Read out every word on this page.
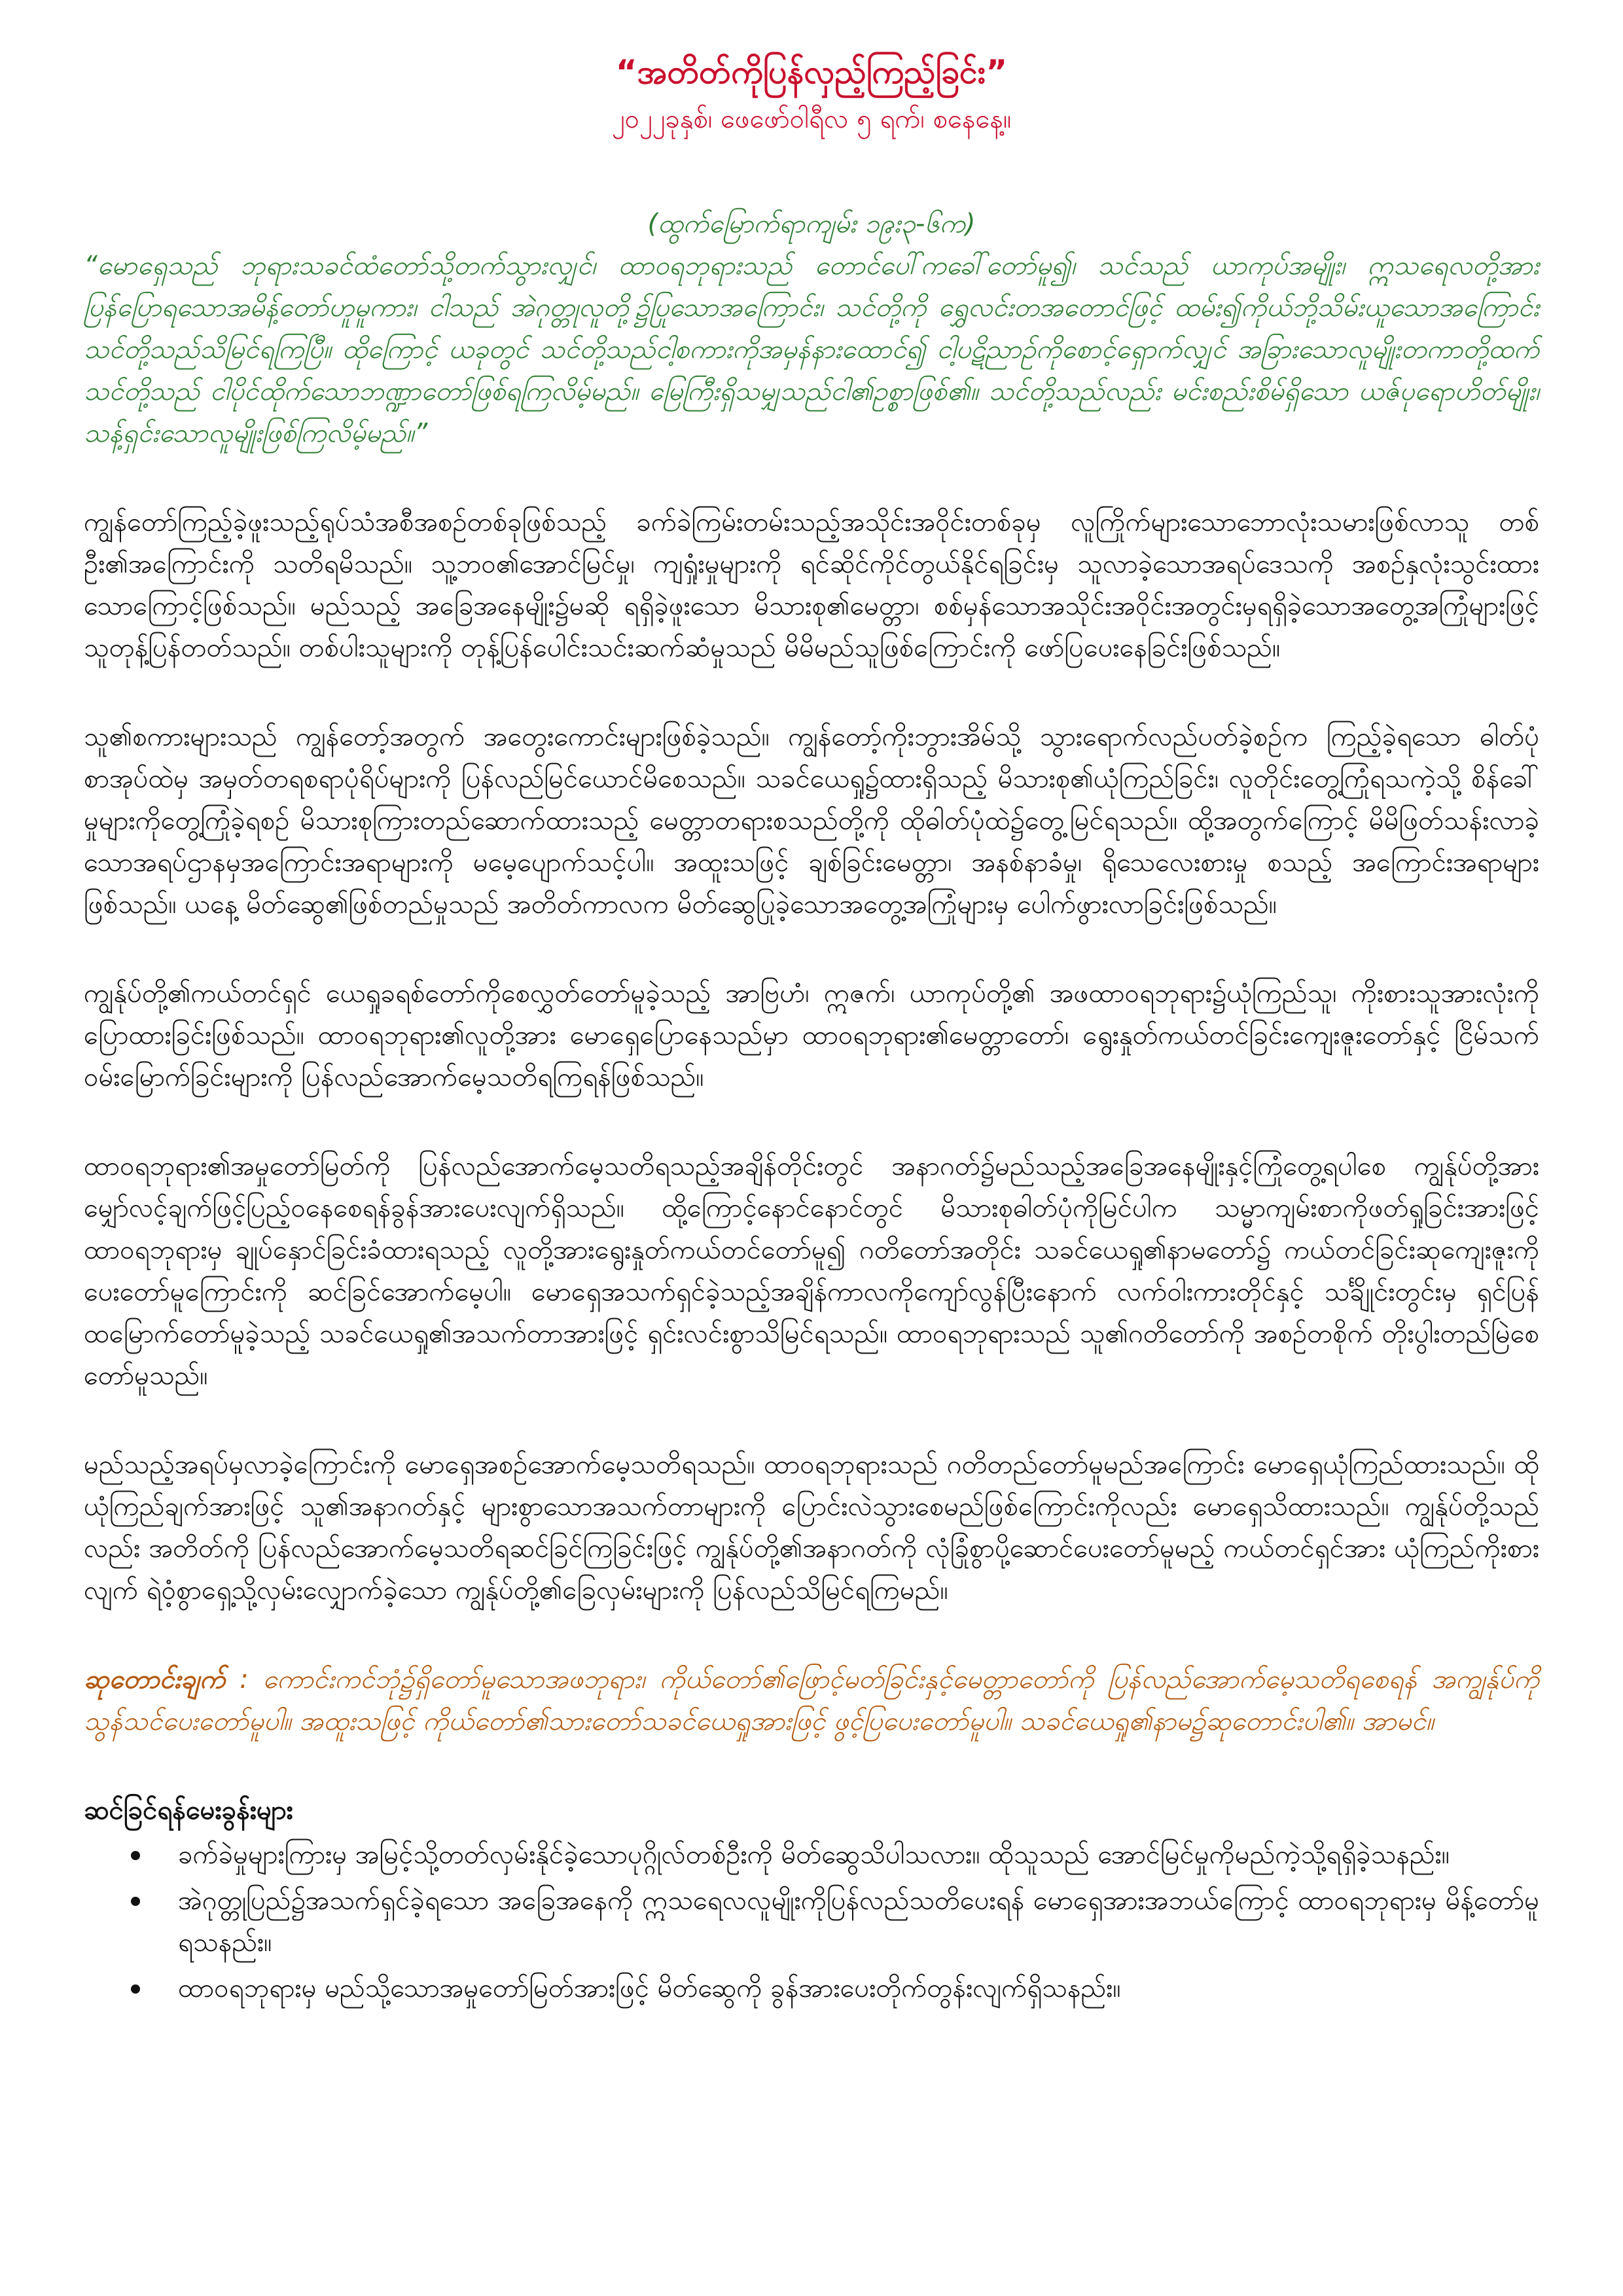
“အတိတ်ကိုပြန်လှည့်ကြည့်ခြင်း”

၂၀၂၂ခုနှစ်၊ ဖေဖော်ဝါရီလ ၅ ရက်၊ စနေနေ့။

(ထွက်မြောက်ရာကျမ်း ၁၉း၃-၆က)

“မောရှေသည် ဘုရားသခင်ထံတော်သို့တက်သွားလျှင်၊ ထာဝရဘုရားသည် တောင်ပေါ်ကခေါ်တော်မူ၍၊ သင်သည် ယာကုပ်အမျိုး၊ ဣသရေလတို့အား ပြန်ပြောရသောအမိန့်တော်ဟူမူကား၊ ငါသည် အဲဂုတ္တုလူတို့၌ပြုသောအကြောင်း၊ သင်တို့ကို ရွှေလင်းတအတောင်ဖြင့် ထမ်း၍ကိုယ်ဘို့သိမ်းယူသောအကြောင်း သင်တို့သည်သိမြင်ရကြပြီ။ ထိုကြောင့် ယခုတွင် သင်တို့သည်ငါ့စကားကိုအမှန်နားထောင်၍ ငါ့ပဋိညာဉ်ကိုစောင့်ရှောက်လျှင် အခြားသောလူမျိုးတကာတို့ထက် သင်တို့သည် ငါပိုင်ထိုက်သောဘဏ္ဍာတော်ဖြစ်ရကြလိမ့်မည်။ မြေကြီးရှိသမျှသည်ငါ၏ဥစ္စာဖြစ်၏။ သင်တို့သည်လည်း မင်းစည်းစိမ်ရှိသော ယဇ်ပုရောဟိတ်မျိုး၊ သန့်ရှင်းသောလူမျိုးဖြစ်ကြလိမ့်မည်။”

ကျွန်တော်ကြည့်ခဲ့ဖူးသည့်ရုပ်သံအစီအစဉ်တစ်ခုဖြစ်သည့် ခက်ခဲကြမ်းတမ်းသည့်အသိုင်းအဝိုင်းတစ်ခုမှ လူကြိုက်များသောဘောလုံးသမားဖြစ်လာသူ တစ်ဦး၏အကြောင်းကို သတိရမိသည်။ သူ့ဘဝ၏အောင်မြင်မှု၊ ကျရှုံးမှုများကို ရင်ဆိုင်ကိုင်တွယ်နိုင်ရခြင်းမှ သူလာခဲ့သောအရပ်ဒေသကို အစဉ်နှလုံးသွင်းထားသောကြောင့်ဖြစ်သည်။ မည်သည့် အခြေအနေမျိုး၌မဆို ရရှိခဲ့ဖူးသော မိသားစု၏မေတ္တာ၊ စစ်မှန်သောအသိုင်းအဝိုင်းအတွင်းမှရရှိခဲ့သောအတွေ့အကြုံများဖြင့် သူတုန့်ပြန်တတ်သည်။ တစ်ပါးသူများကို တုန့်ပြန်ပေါင်းသင်းဆက်ဆံမှုသည် မိမိမည်သူဖြစ်ကြောင်းကို ဖော်ပြပေးနေခြင်းဖြစ်သည်။

သူ၏စကားများသည် ကျွန်တော့်အတွက် အတွေးကောင်းများဖြစ်ခဲ့သည်။ ကျွန်တော့်ကိုးဘွားအိမ်သို့ သွားရောက်လည်ပတ်ခဲ့စဉ်က ကြည့်ခဲ့ရသော ဓါတ်ပုံစာအုပ်ထဲမှ အမှတ်တရစရာပုံရိပ်များကို ပြန်လည်မြင်ယောင်မိစေသည်။ သခင်ယေရှု၌ထားရှိသည့် မိသားစု၏ယုံကြည်ခြင်း၊ လူတိုင်းတွေ့ကြုံရသကဲ့သို့ စိန်ခေါ်မှုများကိုတွေ့ကြုံခဲ့ရစဉ် မိသားစုကြားတည်ဆောက်ထားသည့် မေတ္တာတရားစသည်တို့ကို ထိုဓါတ်ပုံထဲ၌တွေ့မြင်ရသည်။ ထို့အတွက်ကြောင့် မိမိဖြတ်သန်းလာခဲ့သောအရပ်ဌာနမှအကြောင်းအရာများကို မမေ့ပျောက်သင့်ပါ။ အထူးသဖြင့် ချစ်ခြင်းမေတ္တာ၊ အနစ်နာခံမှု၊ ရိုသေလေးစားမှု စသည့် အကြောင်းအရာများဖြစ်သည်။ ယနေ့ မိတ်ဆွေ၏ဖြစ်တည်မှုသည် အတိတ်ကာလက မိတ်ဆွေပြုခဲ့သောအတွေ့အကြုံများမှ ပေါက်ဖွားလာခြင်းဖြစ်သည်။

ကျွန်ုပ်တို့၏ကယ်တင်ရှင် ယေရှုခရစ်တော်ကိုစေလွှတ်တော်မူခဲ့သည့် အာဗြဟံ၊ ဣဇက်၊ ယာကုပ်တို့၏ အဖထာဝရဘုရား၌ယုံကြည်သူ၊ ကိုးစားသူအားလုံးကိုပြောထားခြင်းဖြစ်သည်။ ထာဝရဘုရား၏လူတို့အား မောရှေပြောနေသည်မှာ ထာဝရဘုရား၏မေတ္တာတော်၊ ရွေးနှုတ်ကယ်တင်ခြင်းကျေးဇူးတော်နှင့် ငြိမ်သက်ဝမ်းမြောက်ခြင်းများကို ပြန်လည်အောက်မေ့သတိရကြရန်ဖြစ်သည်။

ထာဝရဘုရား၏အမှုတော်မြတ်ကို ပြန်လည်အောက်မေ့သတိရသည့်အချိန်တိုင်းတွင် အနာဂတ်၌မည်သည့်အခြေအနေမျိုးနှင့်ကြုံတွေ့ရပါစေ ကျွန်ုပ်တို့အား မျှော်လင့်ချက်ဖြင့်ပြည့်ဝနေစေရန်ခွန်အားပေးလျက်ရှိသည်။ ထို့ကြောင့်နောင်နောင်တွင် မိသားစုဓါတ်ပုံကိုမြင်ပါက သမ္မာကျမ်းစာကိုဖတ်ရှုခြင်းအားဖြင့် ထာဝရဘုရားမှ ချုပ်နှောင်ခြင်းခံထားရသည့် လူတို့အားရွေးနှုတ်ကယ်တင်တော်မူ၍ ဂတိတော်အတိုင်း သခင်ယေရှု၏နာမတော်၌ ကယ်တင်ခြင်းဆုကျေးဇူးကိုပေးတော်မူကြောင်းကို ဆင်ခြင်အောက်မေ့ပါ။ မောရှေအသက်ရှင်ခဲ့သည့်အချိန်ကာလကိုကျော်လွန်ပြီးနောက် လက်ဝါးကားတိုင်နှင့် သင်္ချိုင်းတွင်းမှ ရှင်ပြန်ထမြောက်တော်မူခဲ့သည့် သခင်ယေရှု၏အသက်တာအားဖြင့် ရှင်းလင်းစွာသိမြင်ရသည်။ ထာဝရဘုရားသည် သူ၏ဂတိတော်ကို အစဉ်တစိုက် တိုးပွါးတည်မြဲစေတော်မူသည်။

မည်သည့်အရပ်မှလာခဲ့ကြောင်းကို မောရှေအစဉ်အောက်မေ့သတိရသည်။ ထာဝရဘုရားသည် ဂတိတည်တော်မူမည်အကြောင်း မောရှေယုံကြည်ထားသည်။ ထိုယုံကြည်ချက်အားဖြင့် သူ၏အနာဂတ်နှင့် များစွာသောအသက်တာများကို ပြောင်းလဲသွားစေမည်ဖြစ်ကြောင်းကိုလည်း မောရှေသိထားသည်။ ကျွန်ုပ်တို့သည်လည်း အတိတ်ကို ပြန်လည်အောက်မေ့သတိရဆင်ခြင်ကြခြင်းဖြင့် ကျွန်ုပ်တို့၏အနာဂတ်ကို လုံခြုံစွာပို့ဆောင်ပေးတော်မူမည့် ကယ်တင်ရှင်အား ယုံကြည်ကိုးစားလျက် ရဲဝံ့စွာရှေ့သို့လှမ်းလျှောက်ခဲ့သော ကျွန်ုပ်တို့၏ခြေလှမ်းများကို ပြန်လည်သိမြင်ရကြမည်။

ဆုတောင်းချက် : ကောင်းကင်ဘုံ၌ရှိတော်မူသောအဖဘုရား၊ ကိုယ်တော်၏ဖြောင့်မတ်ခြင်းနှင့်မေတ္တာတော်ကို ပြန်လည်အောက်မေ့သတိရစေရန် အကျွန်ုပ်ကိုသွန်သင်ပေးတော်မူပါ။ အထူးသဖြင့် ကိုယ်တော်၏သားတော်သခင်ယေရှုအားဖြင့် ဖွင့်ပြပေးတော်မူပါ။ သခင်ယေရှု၏နာမ၌ဆုတောင်းပါ၏။ အာမင်။

ဆင်ခြင်ရန်မေးခွန်းများ

ခက်ခဲမှုများကြားမှ အမြင့်သို့တတ်လှမ်းနိုင်ခဲ့သောပုဂ္ဂိုလ်တစ်ဦးကို မိတ်ဆွေသိပါသလား။ ထိုသူသည် အောင်မြင်မှုကိုမည်ကဲ့သို့ရရှိခဲ့သနည်း။
အဲဂုတ္တုပြည်၌အသက်ရှင်ခဲ့ရသော အခြေအနေကို ဣသရေလလူမျိုးကိုပြန်လည်သတိပေးရန် မောရှေအားအဘယ်ကြောင့် ထာဝရဘုရားမှ မိန့်တော်မူရသနည်း။
ထာဝရဘုရားမှ မည်သို့သောအမှုတော်မြတ်အားဖြင့် မိတ်ဆွေကို ခွန်အားပေးတိုက်တွန်းလျက်ရှိသနည်း။
